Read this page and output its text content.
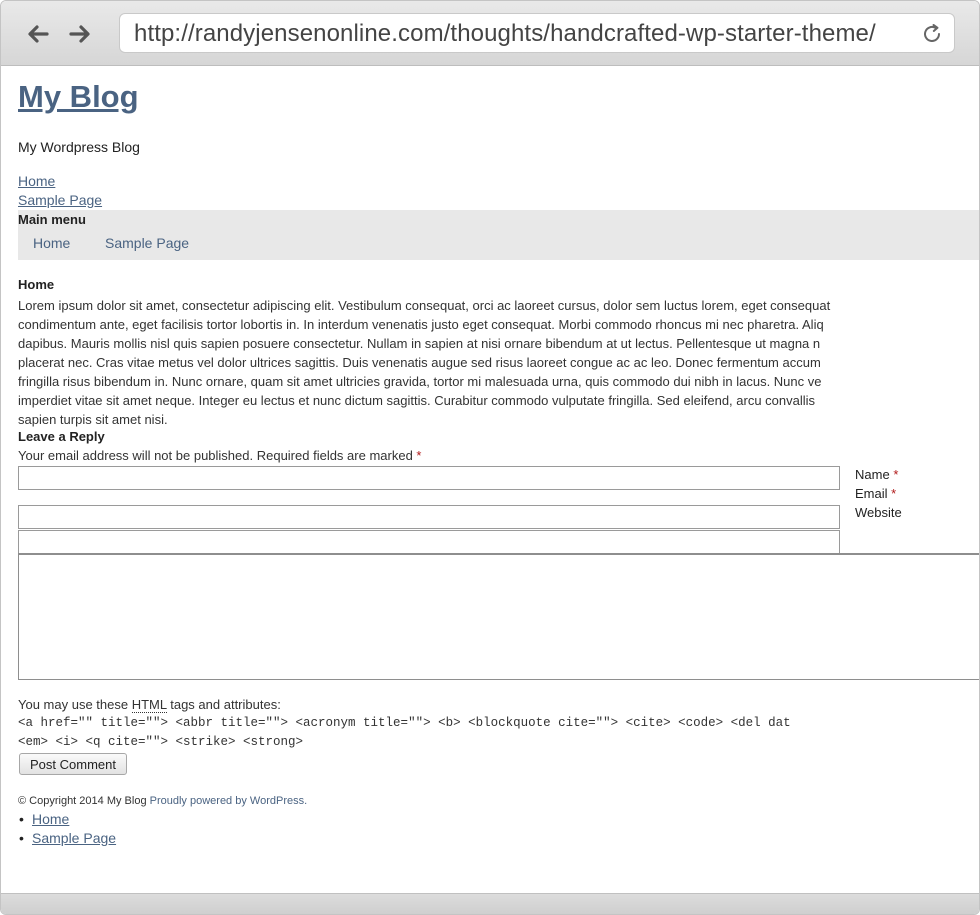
http://randyjensenonline.com/thoughts/handcrafted-wp-starter-theme/
My Blog
My Wordpress Blog
Home
Sample Page
Main menu
Home Sample Page
Home
Lorem ipsum dolor sit amet, consectetur adipiscing elit. Vestibulum consequat, orci ac laoreet cursus, dolor sem luctus lorem, eget consequat
condimentum ante, eget facilisis tortor lobortis in. In interdum venenatis justo eget consequat. Morbi commodo rhoncus mi nec pharetra. Aliq
dapibus. Mauris mollis nisl quis sapien posuere consectetur. Nullam in sapien at nisi ornare bibendum at ut lectus. Pellentesque ut magna n
placerat nec. Cras vitae metus vel dolor ultrices sagittis. Duis venenatis augue sed risus laoreet congue ac ac leo. Donec fermentum accum
fringilla risus bibendum in. Nunc ornare, quam sit amet ultricies gravida, tortor mi malesuada urna, quis commodo dui nibh in lacus. Nunc ve
imperdiet vitae sit amet neque. Integer eu lectus et nunc dictum sagittis. Curabitur commodo vulputate fringilla. Sed eleifend, arcu convallis
sapien turpis sit amet nisi.
Leave a Reply
Your email address will not be published. Required fields are marked *
Name *
Email *
Website
You may use these HTML tags and attributes:
<a href="" title=""> <abbr title=""> <acronym title=""> <b> <blockquote cite=""> <cite> <code> <del dat
<em> <i> <q cite=""> <strike> <strong>
Post Comment
© Copyright 2014 My Blog Proudly powered by WordPress.
• Home
• Sample Page
